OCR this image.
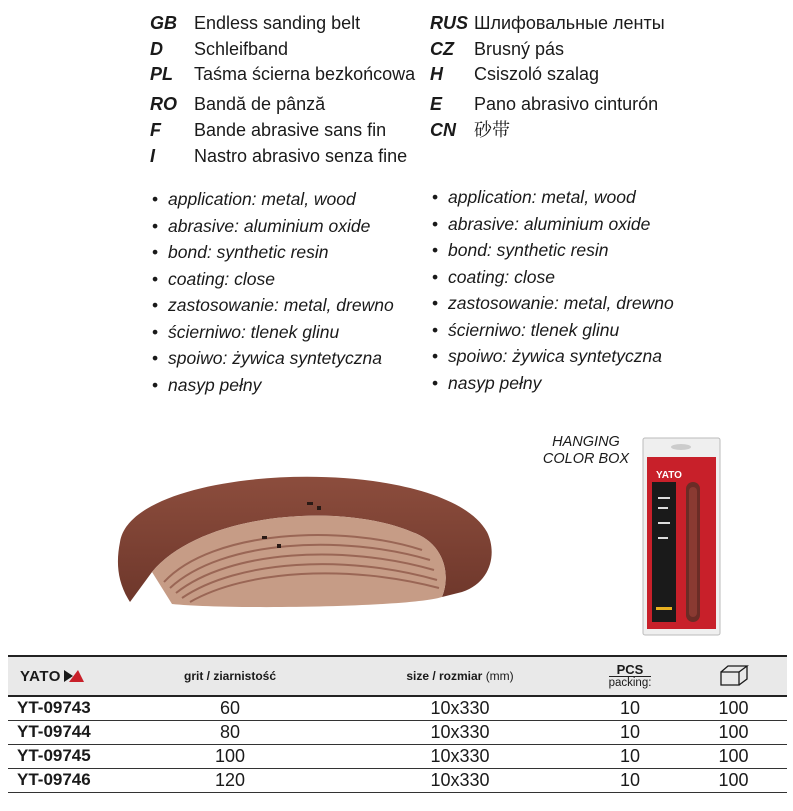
GB Endless sanding belt
D Schleifband
PL Taśma ścierna bezkońcowa
RO Bandă de pânză
F Bande abrasive sans fin
I Nastro abrasivo senza fine
RUS Шлифовальные ленты
CZ Brusný pás
H Csiszoló szalag
E Pano abrasivo cinturón
CN 砂带
• application: metal, wood
• abrasive: aluminium oxide
• bond: synthetic resin
• coating: close
• zastosowanie: metal, drewno
• ścierniwo: tlenek glinu
• spoiwo: żywica syntetyczna
• nasyp pełny
• application: metal, wood
• abrasive: aluminium oxide
• bond: synthetic resin
• coating: close
• zastosowanie: metal, drewno
• ścierniwo: tlenek glinu
• spoiwo: żywica syntetyczna
• nasyp pełny
HANGING
COLOR BOX
YATO
YATO	grit / ziarnistość	size / rozmiar (mm)	PCS
packing:

YT-09743	60	10x330	10	100
YT-09744	80	10x330	10	100
YT-09745	100	10x330	10	100
YT-09746	120	10x330	10	100
